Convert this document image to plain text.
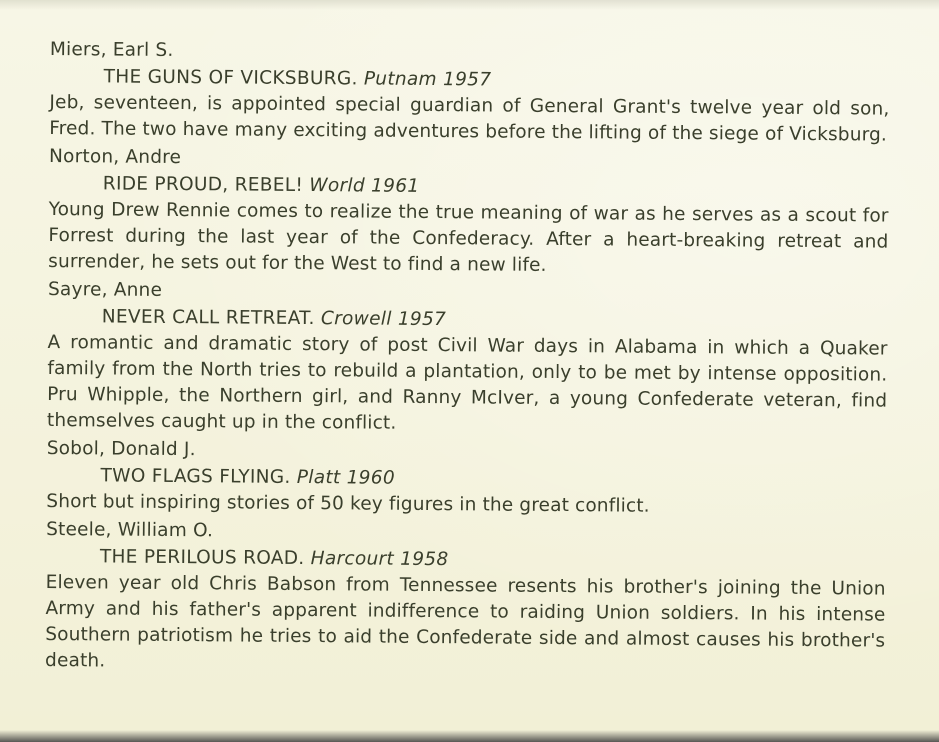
Miers, Earl S.

THE GUNS OF VICKSBURG. Putnam 1957

Jeb, seventeen, is appointed special guardian of General Grant's twelve year old son, Fred. The two have many exciting adventures before the lifting of the siege of Vicksburg.

Norton, Andre

RIDE PROUD, REBEL! World 1961

Young Drew Rennie comes to realize the true meaning of war as he serves as a scout for Forrest during the last year of the Confederacy. After a heart-breaking retreat and surrender, he sets out for the West to find a new life.

Sayre, Anne

NEVER CALL RETREAT. Crowell 1957

A romantic and dramatic story of post Civil War days in Alabama in which a Quaker family from the North tries to rebuild a plantation, only to be met by intense opposition. Pru Whipple, the Northern girl, and Ranny McIver, a young Confederate veteran, find themselves caught up in the conflict.

Sobol, Donald J.

TWO FLAGS FLYING. Platt 1960

Short but inspiring stories of 50 key figures in the great conflict.

Steele, William O.

THE PERILOUS ROAD. Harcourt 1958

Eleven year old Chris Babson from Tennessee resents his brother's joining the Union Army and his father's apparent indifference to raiding Union soldiers. In his intense Southern patriotism he tries to aid the Confederate side and almost causes his brother's death.
